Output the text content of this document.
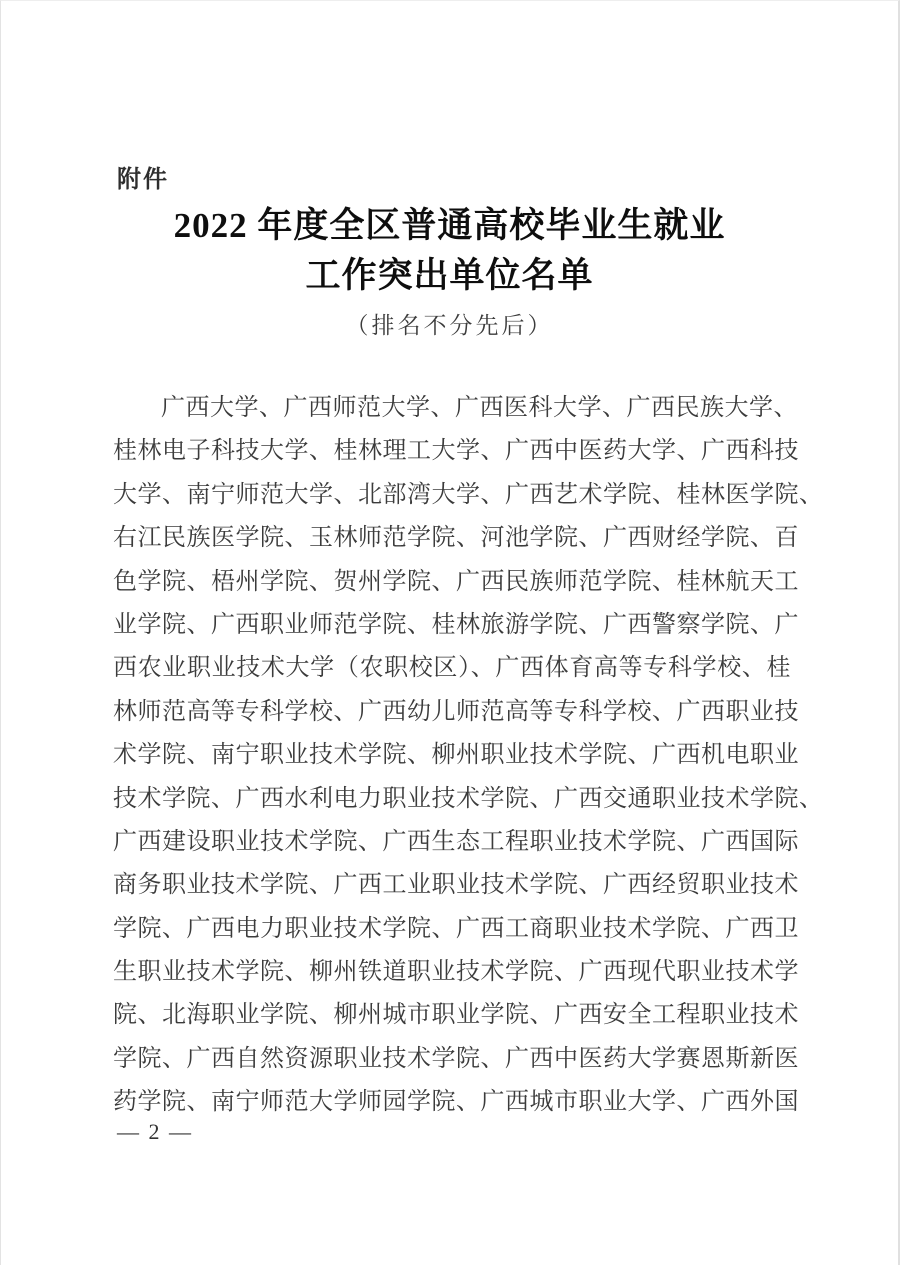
附件
2022 年度全区普通高校毕业生就业
工作突出单位名单
（排名不分先后）
广西大学、广西师范大学、广西医科大学、广西民族大学、
桂林电子科技大学、桂林理工大学、广西中医药大学、广西科技
大学、南宁师范大学、北部湾大学、广西艺术学院、桂林医学院、
右江民族医学院、玉林师范学院、河池学院、广西财经学院、百
色学院、梧州学院、贺州学院、广西民族师范学院、桂林航天工
业学院、广西职业师范学院、桂林旅游学院、广西警察学院、广
西农业职业技术大学（农职校区）、广西体育高等专科学校、桂
林师范高等专科学校、广西幼儿师范高等专科学校、广西职业技
术学院、南宁职业技术学院、柳州职业技术学院、广西机电职业
技术学院、广西水利电力职业技术学院、广西交通职业技术学院、
广西建设职业技术学院、广西生态工程职业技术学院、广西国际
商务职业技术学院、广西工业职业技术学院、广西经贸职业技术
学院、广西电力职业技术学院、广西工商职业技术学院、广西卫
生职业技术学院、柳州铁道职业技术学院、广西现代职业技术学
院、北海职业学院、柳州城市职业学院、广西安全工程职业技术
学院、广西自然资源职业技术学院、广西中医药大学赛恩斯新医
药学院、南宁师范大学师园学院、广西城市职业大学、广西外国
— 2 —
